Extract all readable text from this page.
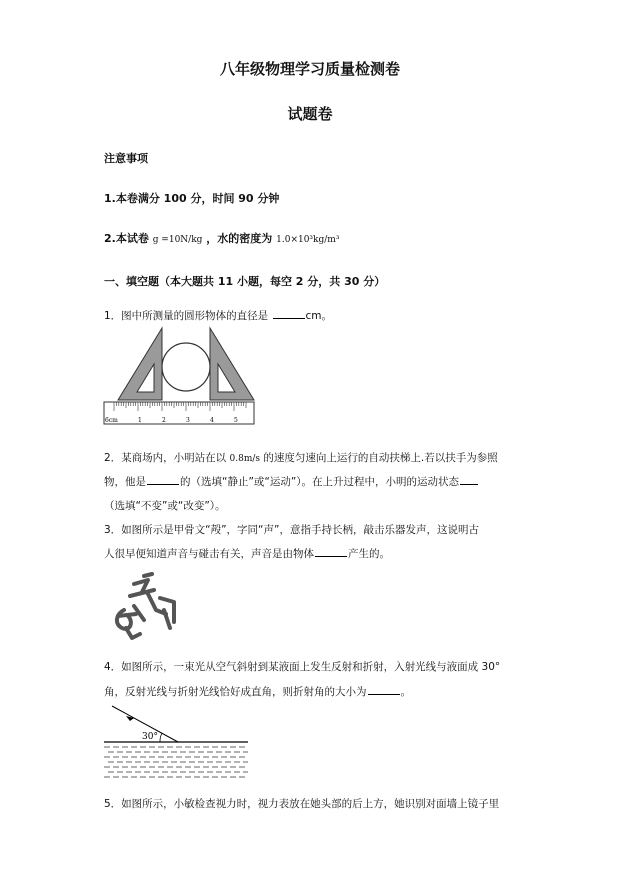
八年级物理学习质量检测卷
试题卷
注意事项
1.本卷满分 100 分，时间 90 分钟
2.本试卷 g =10N/kg ，水的密度为 1.0×10³kg/m³
一、填空题（本大题共 11 小题，每空 2 分，共 30 分）
1．图中所测量的圆形物体的直径是	cm。
6cm	1	2	3	4	5
2．某商场内，小明站在以 0.8m/s 的速度匀速向上运行的自动扶梯上.若以扶手为参照
物，他是	的（选填“静止”或“运动”）。在上升过程中，小明的运动状态
（选填“不变”或“改变”）。
3．如图所示是甲骨文“殸”，字同“声”，意指手持长柄，敲击乐器发声，这说明古
人很早便知道声音与碰击有关，声音是由物体	产生的。
4．如图所示，一束光从空气斜射到某液面上发生反射和折射，入射光线与液面成 30°
角，反射光线与折射光线恰好成直角，则折射角的大小为	。
30°
5．如图所示，小敏检查视力时，视力表放在她头部的后上方，她识别对面墙上镜子里
